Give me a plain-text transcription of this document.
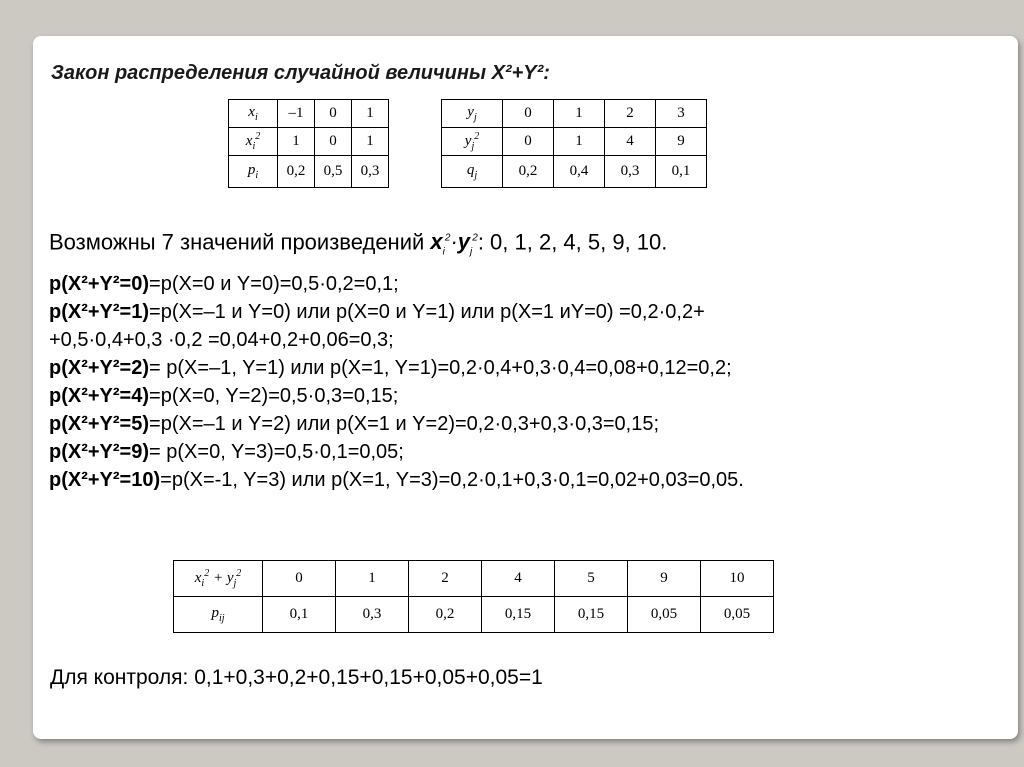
Закон распределения случайной величины X²+Y²:
$x_i$	–1	0	1
$x_i^2$	1	0	1
$p_i$	0,2	0,5	0,3
$y_j$	0	1	2	3
$y_j^2$	0	1	4	9
$q_j$	0,2	0,4	0,3	0,1
Возможны 7 значений произведений $x_i^2\cdot y_j^2$: 0, 1, 2, 4, 5, 9, 10.
p(X²+Y²=0)=p(X=0 и Y=0)=0,5·0,2=0,1;
p(X²+Y²=1)=p(X=–1 и Y=0) или p(X=0 и Y=1) или p(X=1 иY=0) =0,2·0,2+
+0,5·0,4+0,3 ·0,2 =0,04+0,2+0,06=0,3;
p(X²+Y²=2)= p(X=–1, Y=1) или p(X=1, Y=1)=0,2·0,4+0,3·0,4=0,08+0,12=0,2;
p(X²+Y²=4)=p(X=0, Y=2)=0,5·0,3=0,15;
p(X²+Y²=5)=p(X=–1 и Y=2) или p(X=1 и Y=2)=0,2·0,3+0,3·0,3=0,15;
p(X²+Y²=9)= p(X=0, Y=3)=0,5·0,1=0,05;
p(X²+Y²=10)=p(X=-1, Y=3) или p(X=1, Y=3)=0,2·0,1+0,3·0,1=0,02+0,03=0,05.
$x_i^2 + y_j^2$	0	1	2	4	5	9	10
$p_{ij}$	0,1	0,3	0,2	0,15	0,15	0,05	0,05
Для контроля: 0,1+0,3+0,2+0,15+0,15+0,05+0,05=1
